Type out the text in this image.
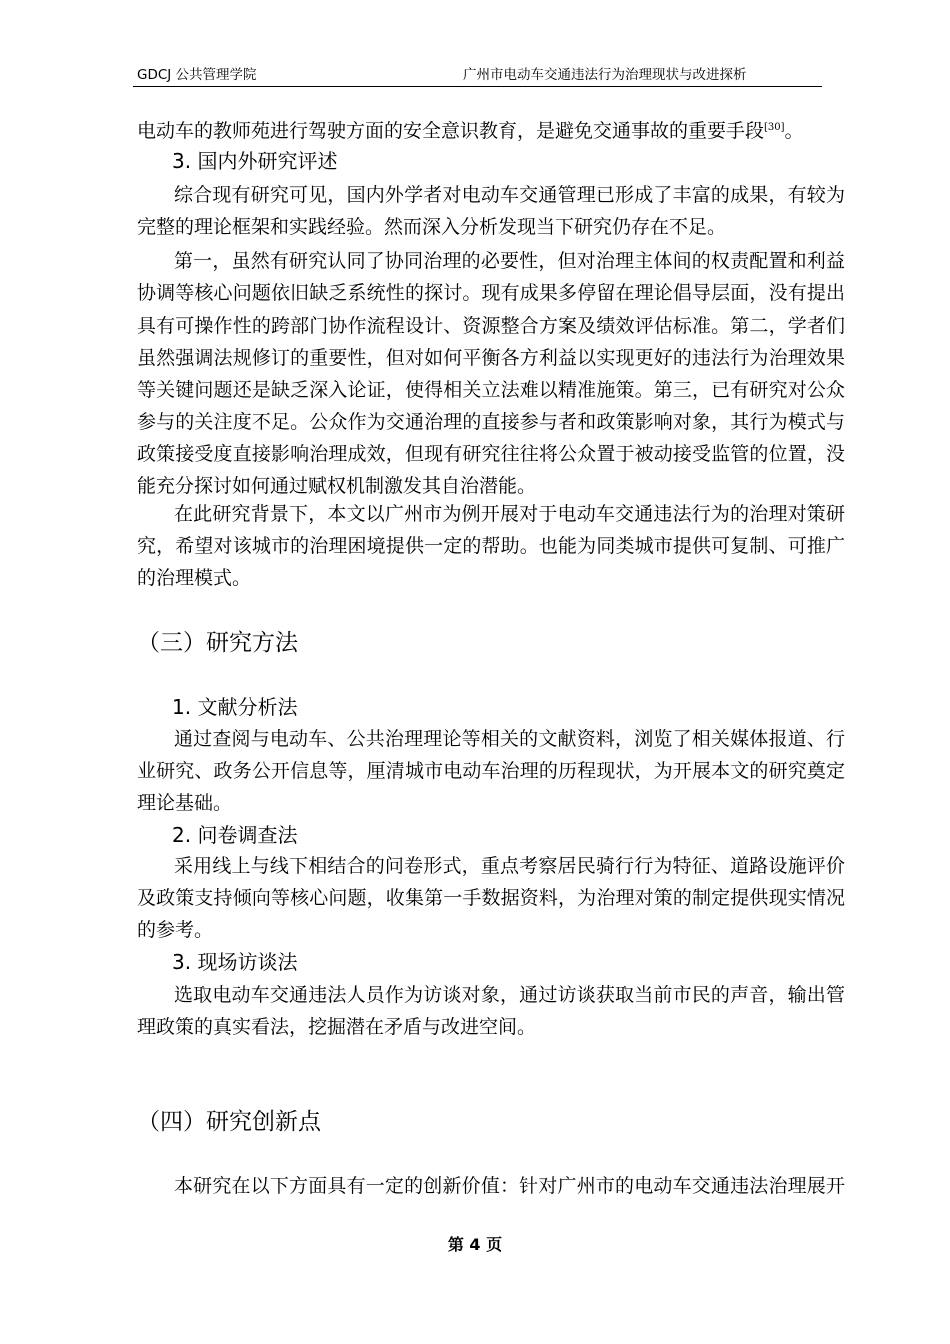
GDCJ 公共管理学院	广州市电动车交通违法行为治理现状与改进探析
电动车的教师苑进行驾驶方面的安全意识教育，是避免交通事故的重要手段[30]。
3. 国内外研究评述
综合现有研究可见，国内外学者对电动车交通管理已形成了丰富的成果，有较为
完整的理论框架和实践经验。然而深入分析发现当下研究仍存在不足。
第一，虽然有研究认同了协同治理的必要性，但对治理主体间的权责配置和利益
协调等核心问题依旧缺乏系统性的探讨。现有成果多停留在理论倡导层面，没有提出
具有可操作性的跨部门协作流程设计、资源整合方案及绩效评估标准。第二，学者们
虽然强调法规修订的重要性，但对如何平衡各方利益以实现更好的违法行为治理效果
等关键问题还是缺乏深入论证，使得相关立法难以精准施策。第三，已有研究对公众
参与的关注度不足。公众作为交通治理的直接参与者和政策影响对象，其行为模式与
政策接受度直接影响治理成效，但现有研究往往将公众置于被动接受监管的位置，没
能充分探讨如何通过赋权机制激发其自治潜能。
在此研究背景下，本文以广州市为例开展对于电动车交通违法行为的治理对策研
究，希望对该城市的治理困境提供一定的帮助。也能为同类城市提供可复制、可推广
的治理模式。
（三）研究方法
1. 文献分析法
通过查阅与电动车、公共治理理论等相关的文献资料，浏览了相关媒体报道、行
业研究、政务公开信息等，厘清城市电动车治理的历程现状，为开展本文的研究奠定
理论基础。
2. 问卷调查法
采用线上与线下相结合的问卷形式，重点考察居民骑行行为特征、道路设施评价
及政策支持倾向等核心问题，收集第一手数据资料，为治理对策的制定提供现实情况
的参考。
3. 现场访谈法
选取电动车交通违法人员作为访谈对象，通过访谈获取当前市民的声音，输出管
理政策的真实看法，挖掘潜在矛盾与改进空间。
（四）研究创新点
本研究在以下方面具有一定的创新价值：针对广州市的电动车交通违法治理展开
第 4 页
